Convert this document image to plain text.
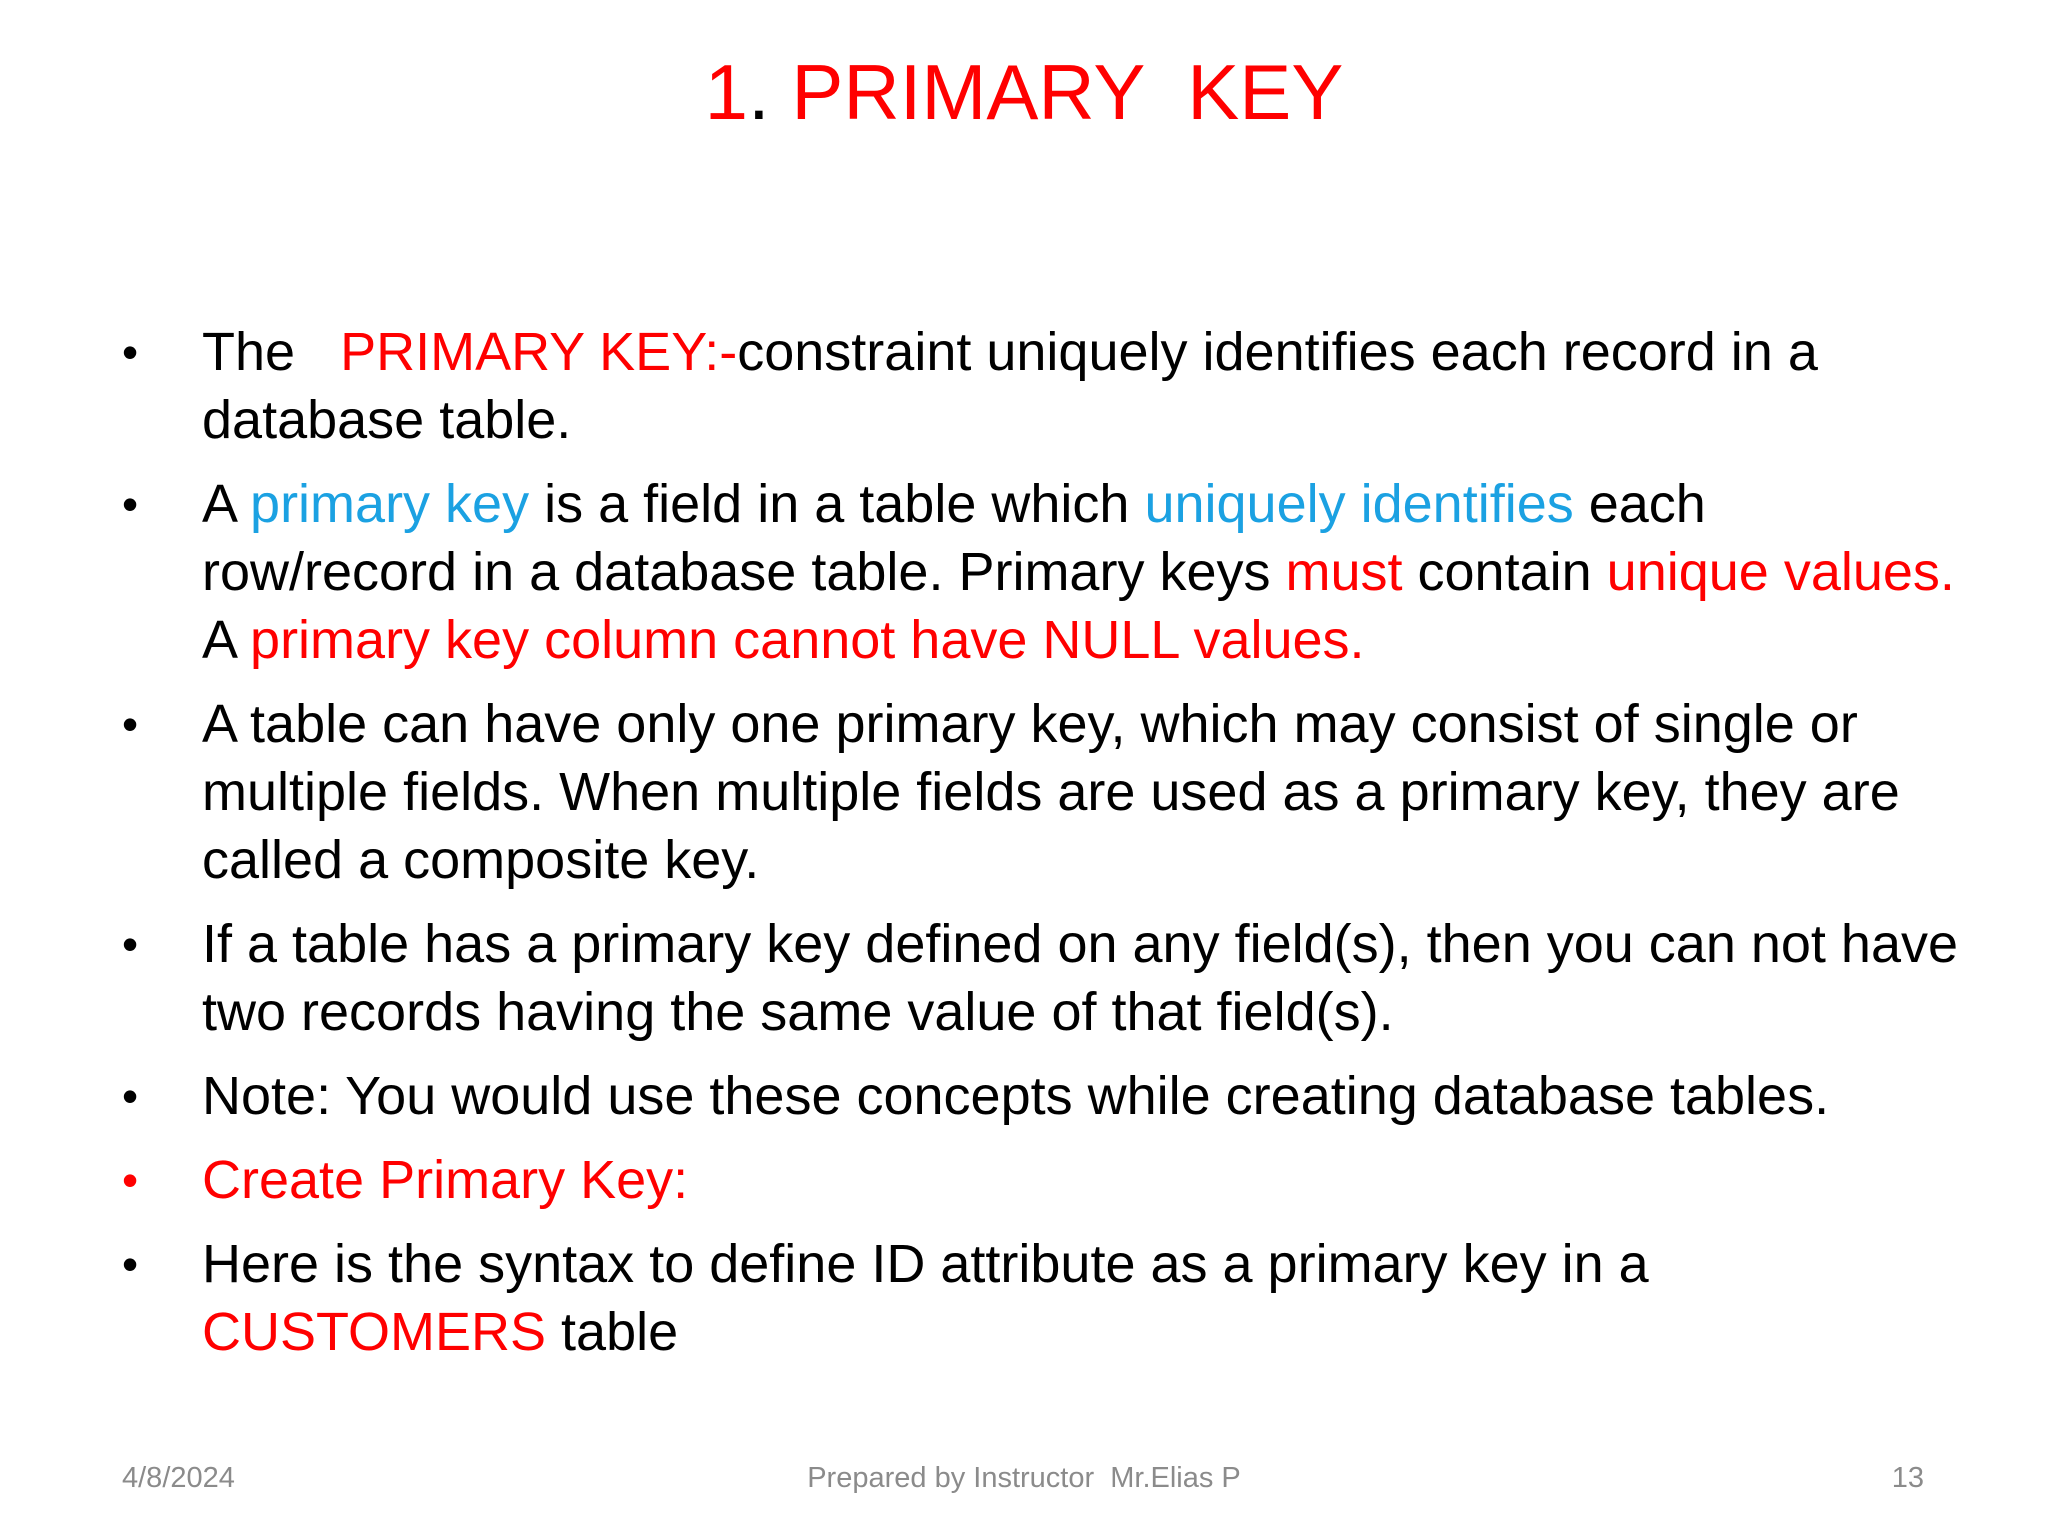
1. PRIMARY  KEY
•	The PRIMARY KEY:-constraint uniquely identifies each record in a database table.
•	A primary key is a field in a table which uniquely identifies each row/record in a database table. Primary keys must contain unique values. A primary key column cannot have NULL values.
•	A table can have only one primary key, which may consist of single or multiple fields. When multiple fields are used as a primary key, they are called a composite key.
•	If a table has a primary key defined on any field(s), then you can not have two records having the same value of that field(s).
•	Note: You would use these concepts while creating database tables.
•	Create Primary Key:
•	Here is the syntax to define ID attribute as a primary key in a CUSTOMERS table
4/8/2024	Prepared by Instructor  Mr.Elias P	13
